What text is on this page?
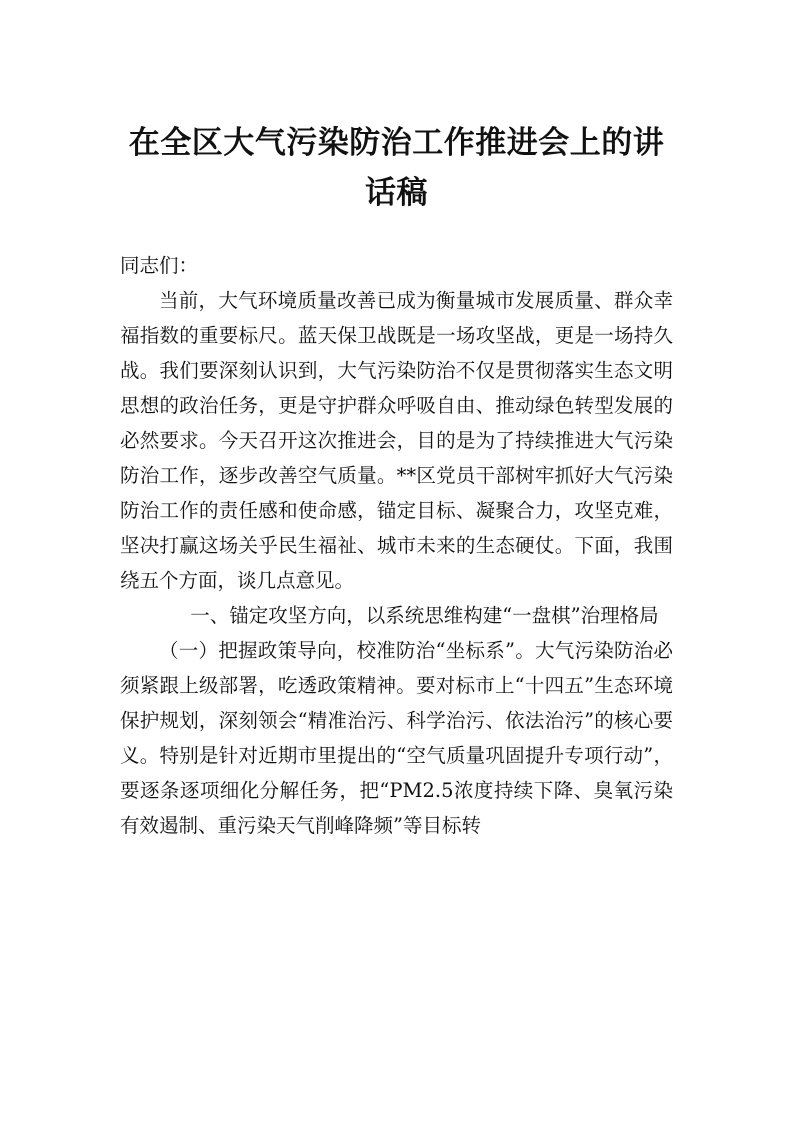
在全区大气污染防治工作推进会上的讲话稿

同志们：

当前，大气环境质量改善已成为衡量城市发展质量、群众幸福指数的重要标尺。蓝天保卫战既是一场攻坚战，更是一场持久战。我们要深刻认识到，大气污染防治不仅是贯彻落实生态文明思想的政治任务，更是守护群众呼吸自由、推动绿色转型发展的必然要求。今天召开这次推进会，目的是为了持续推进大气污染防治工作，逐步改善空气质量。**区党员干部树牢抓好大气污染防治工作的责任感和使命感，锚定目标、凝聚合力，攻坚克难，坚决打赢这场关乎民生福祉、城市未来的生态硬仗。下面，我围绕五个方面，谈几点意见。

一、锚定攻坚方向，以系统思维构建“一盘棋”治理格局

（一）把握政策导向，校准防治“坐标系”。大气污染防治必须紧跟上级部署，吃透政策精神。要对标市上“十四五”生态环境保护规划，深刻领会“精准治污、科学治污、依法治污”的核心要义。特别是针对近期市里提出的“空气质量巩固提升专项行动”，要逐条逐项细化分解任务，把“PM2.5浓度持续下降、臭氧污染有效遏制、重污染天气削峰降频”等目标转
